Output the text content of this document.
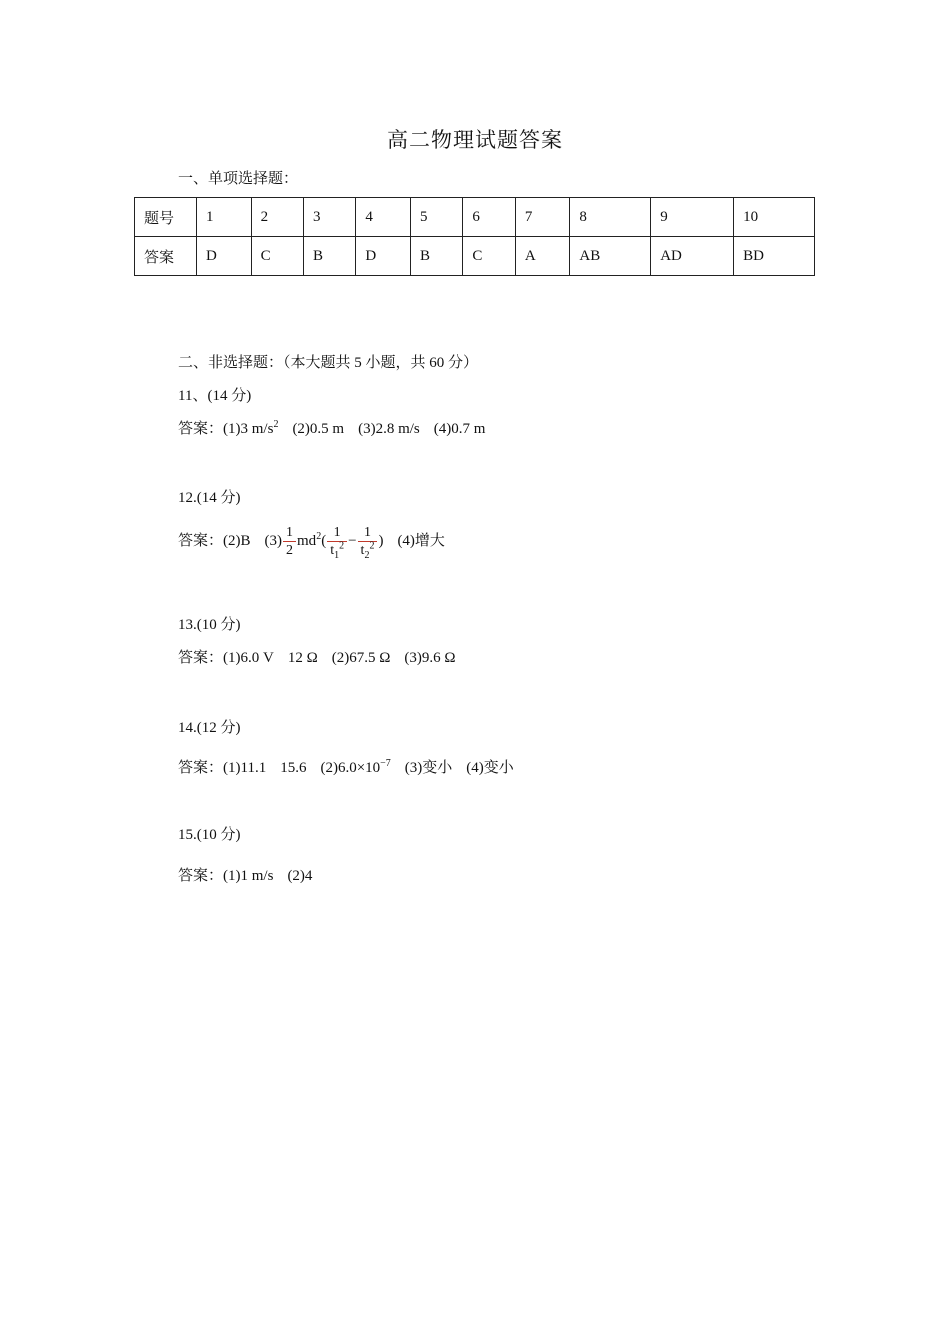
高二物理试题答案
一、单项选择题：
题号	1	2	3	4	5	6	7	8	9	10
答案	D	C	B	D	B	C	A	AB	AD	BD
二、非选择题：（本大题共 5 小题，共 60 分）
11、(14 分)
答案：(1)3 $m/s^2$ (2)0.5 m (3)2.8 m/s (4)0.7 m
12.(14 分)
答案：(2)B $(3) \frac{1}{2} md^2( \frac{1}{t_1^2} - \frac{1}{t_2^2}$ ) (4)增大
13.(10 分)
答案：(1)6.0 V 12 Ω (2)67.5 Ω (3)9.6 Ω
14.(12 分)
答案：(1)11.1 15.6 $(2)6.0\times 10^{-7}$ (3)变小 (4)变小
15.(10 分)
答案：(1)1 m/s (2)4
